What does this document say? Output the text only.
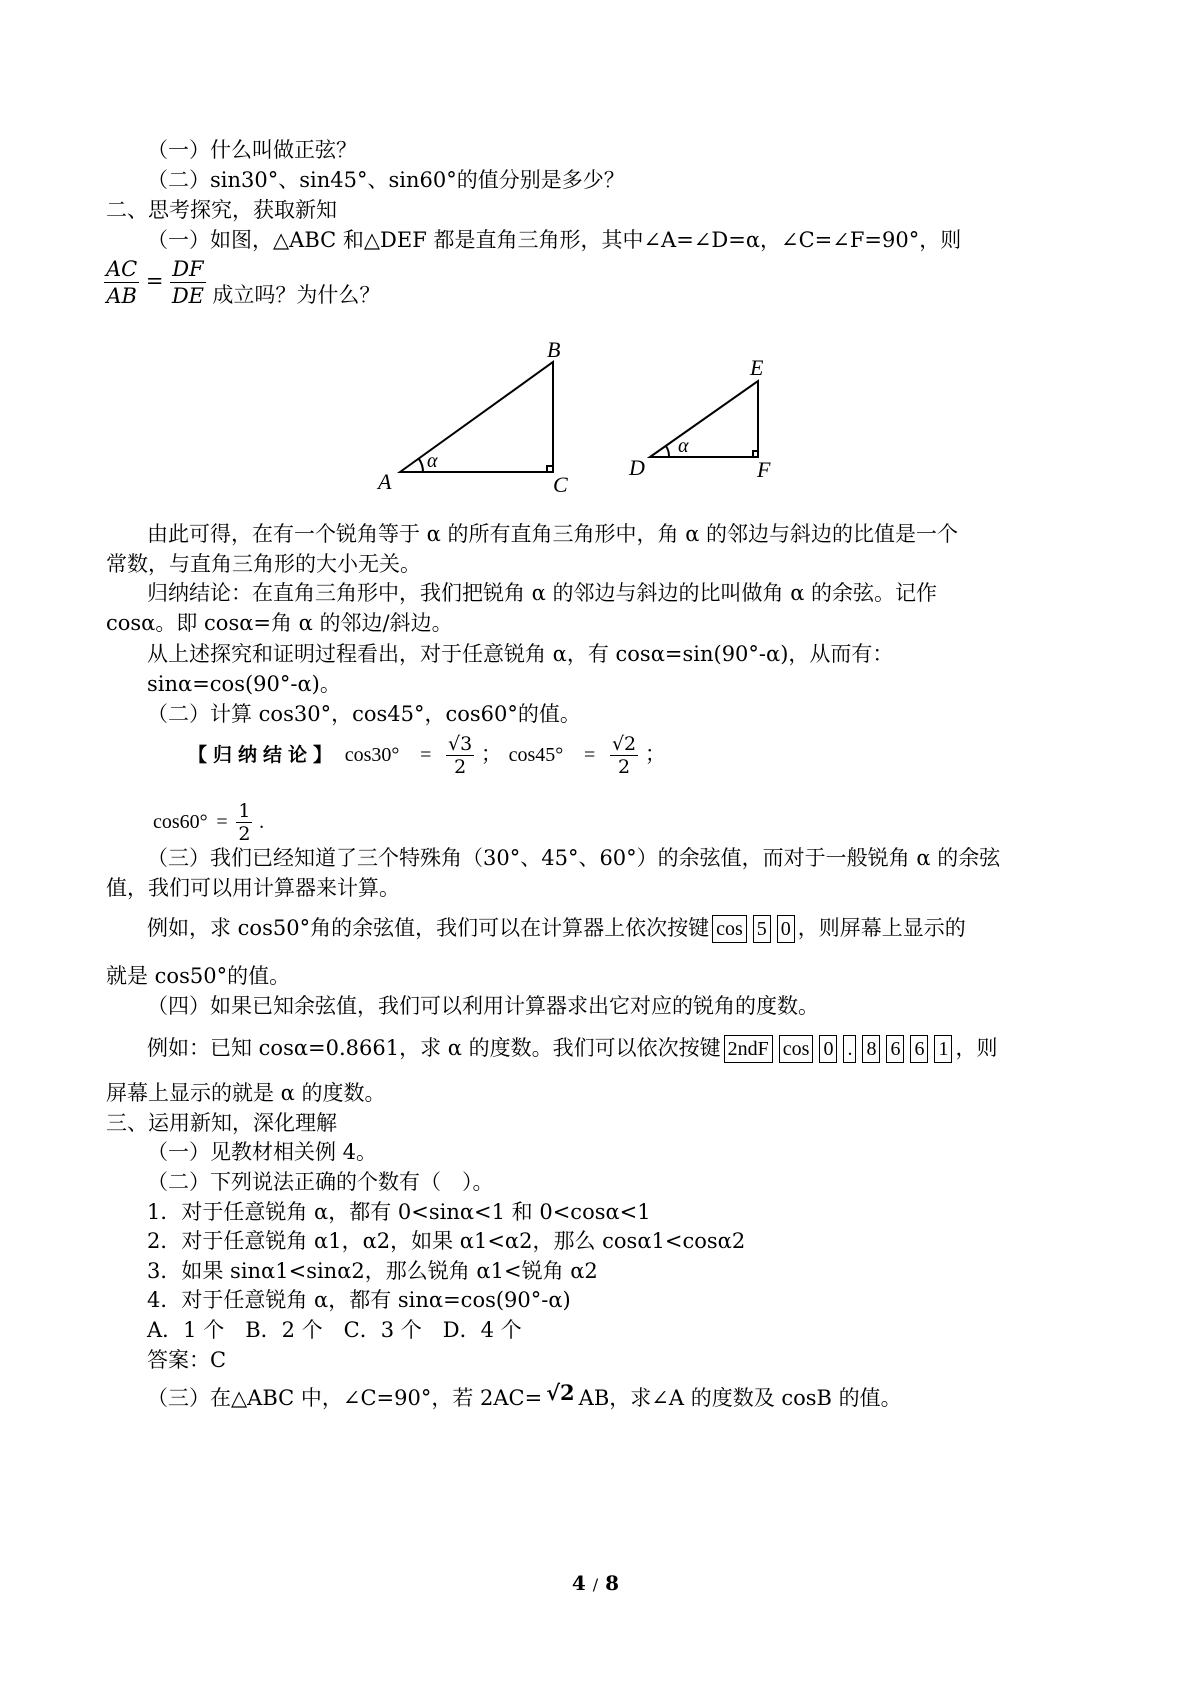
（一）什么叫做正弦？
（二）sin30°、sin45°、sin60°的值分别是多少？
二、思考探究，获取新知
（一）如图，△ABC 和△DEF 都是直角三角形，其中∠A=∠D=α，∠C=∠F=90°，则
$\frac{AC}{AB} = \frac{DF}{DE}$ 成立吗？为什么？
A
B
C
α	D
E
F
α
由此可得，在有一个锐角等于 α 的所有直角三角形中，角 α 的邻边与斜边的比值是一个
常数，与直角三角形的大小无关。
归纳结论：在直角三角形中，我们把锐角 α 的邻边与斜边的比叫做角 α 的余弦。记作
cosα。即 cosα=角 α 的邻边/斜边。
从上述探究和证明过程看出，对于任意锐角 α，有 cosα=sin(90°-α)，从而有：
sinα=cos(90°-α)。
（二）计算 cos30°，cos45°，cos60°的值。
【归纳结论】 $\cos 30^\circ = \frac{√3}{2}$ ； $\cos 45^\circ = \frac{√2}{2}$ ；
$\cos 60^\circ = \frac{1}{2}$ .
（三）我们已经知道了三个特殊角（30°、45°、60°）的余弦值，而对于一般锐角 α 的余弦
值，我们可以用计算器来计算。
例如，求 cos50°角的余弦值，我们可以在计算器上依次按键 cos 5 0 ，则屏幕上显示的
就是 cos50°的值。
（四）如果已知余弦值，我们可以利用计算器求出它对应的锐角的度数。
例如：已知 cosα=0.8661，求 α 的度数。我们可以依次按键 2ndF cos 0 . 8 6 6 1 ，则
屏幕上显示的就是 α 的度数。
三、运用新知，深化理解
（一）见教材相关例 4。
（二）下列说法正确的个数有（　）。
1．对于任意锐角 α，都有 0<sinα<1 和 0<cosα<1
2．对于任意锐角 α1，α2，如果 α1<α2，那么 cosα1<cosα2
3．如果 sinα1<sinα2，那么锐角 α1<锐角 α2
4．对于任意锐角 α，都有 sinα=cos(90°-α)
A．1 个　B．2 个　C．3 个　D．4 个
答案：C
（三）在△ABC 中，∠C=90°，若 2AC= √2 AB，求∠A 的度数及 cosB 的值。
4 / 8
